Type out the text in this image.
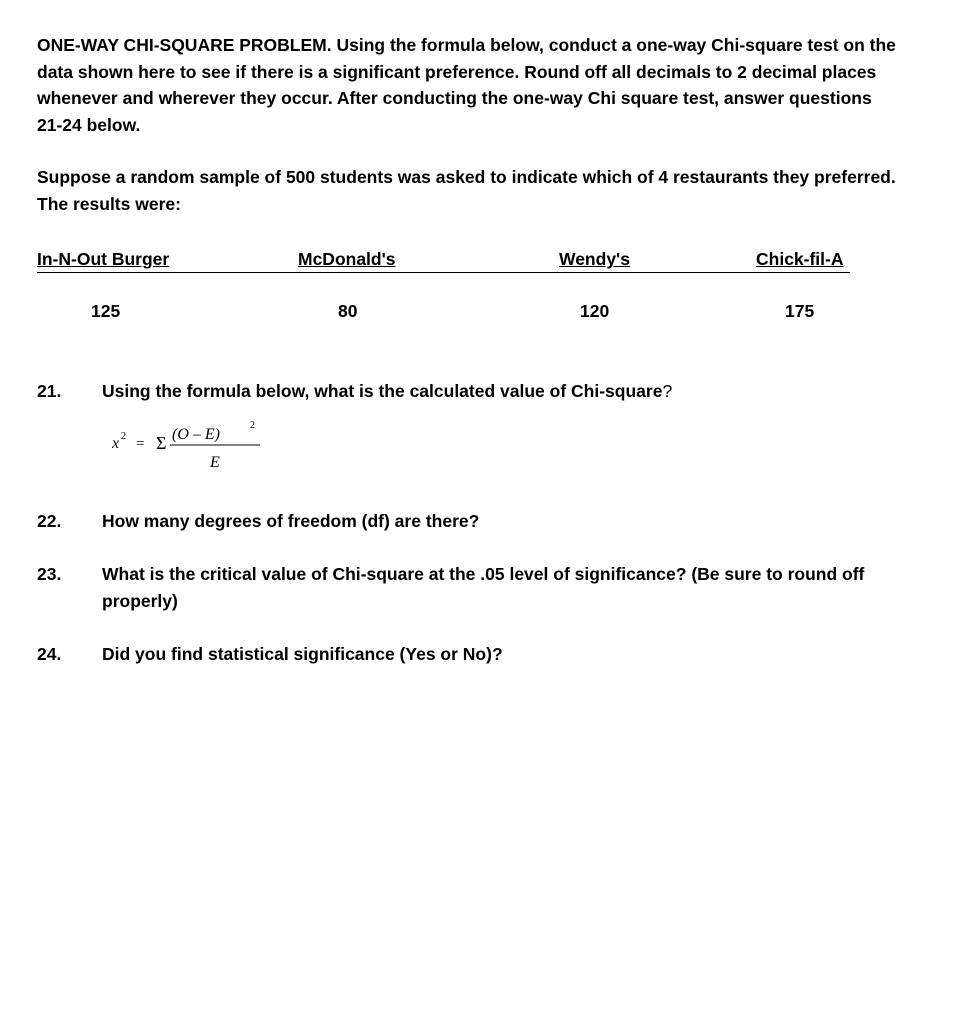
ONE-WAY CHI-SQUARE PROBLEM. Using the formula below, conduct a one-way Chi-square test on the data shown here to see if there is a significant preference. Round off all decimals to 2 decimal places whenever and wherever they occur. After conducting the one-way Chi square test, answer questions 21-24 below.
Suppose a random sample of 500 students was asked to indicate which of 4 restaurants they preferred. The results were:
In-N-Out Burger	McDonald's	Wendy's	Chick-fil-A
125	80	120	175
21. Using the formula below, what is the calculated value of Chi-square?
x 2 = Σ (O – E)
2
E
22. How many degrees of freedom (df) are there?
23. What is the critical value of Chi-square at the .05 level of significance? (Be sure to round off properly)
24. Did you find statistical significance (Yes or No)?
